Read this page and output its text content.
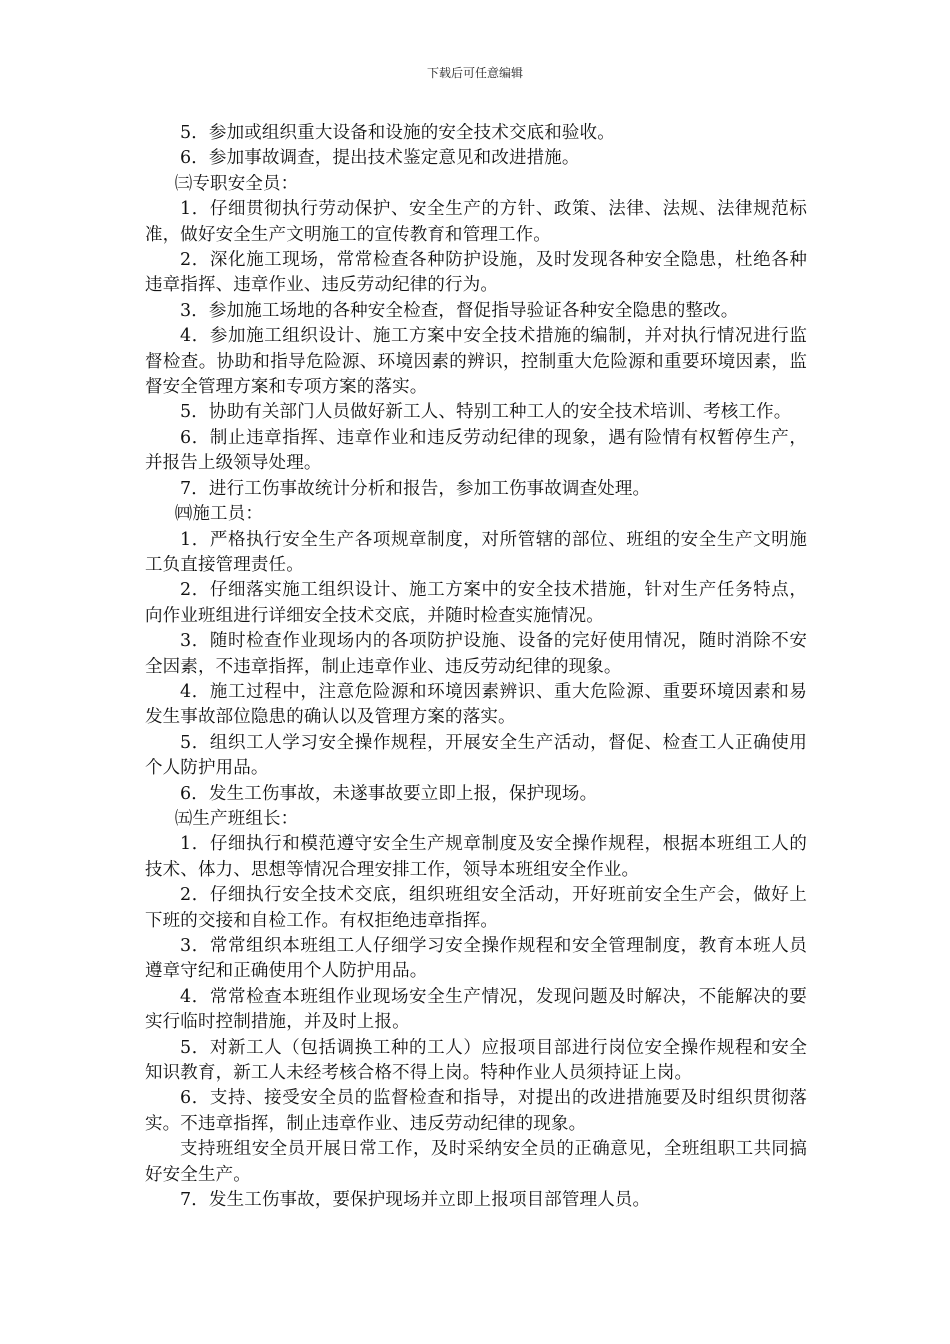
下载后可任意编辑

5．参加或组织重大设备和设施的安全技术交底和验收。

6．参加事故调查，提出技术鉴定意见和改进措施。

㈢专职安全员：

1．仔细贯彻执行劳动保护、安全生产的方针、政策、法律、法规、法律规范标准，做好安全生产文明施工的宣传教育和管理工作。

2．深化施工现场，常常检查各种防护设施，及时发现各种安全隐患，杜绝各种违章指挥、违章作业、违反劳动纪律的行为。

3．参加施工场地的各种安全检查，督促指导验证各种安全隐患的整改。

4．参加施工组织设计、施工方案中安全技术措施的编制，并对执行情况进行监督检查。协助和指导危险源、环境因素的辨识，控制重大危险源和重要环境因素，监督安全管理方案和专项方案的落实。

5．协助有关部门人员做好新工人、特别工种工人的安全技术培训、考核工作。

6．制止违章指挥、违章作业和违反劳动纪律的现象，遇有险情有权暂停生产，并报告上级领导处理。

7．进行工伤事故统计分析和报告，参加工伤事故调查处理。

㈣施工员：

1．严格执行安全生产各项规章制度，对所管辖的部位、班组的安全生产文明施工负直接管理责任。

2．仔细落实施工组织设计、施工方案中的安全技术措施，针对生产任务特点，向作业班组进行详细安全技术交底，并随时检查实施情况。

3．随时检查作业现场内的各项防护设施、设备的完好使用情况，随时消除不安全因素，不违章指挥，制止违章作业、违反劳动纪律的现象。

4．施工过程中，注意危险源和环境因素辨识、重大危险源、重要环境因素和易发生事故部位隐患的确认以及管理方案的落实。

5．组织工人学习安全操作规程，开展安全生产活动，督促、检查工人正确使用个人防护用品。

6．发生工伤事故，未遂事故要立即上报，保护现场。

㈤生产班组长：

1．仔细执行和模范遵守安全生产规章制度及安全操作规程，根据本班组工人的技术、体力、思想等情况合理安排工作，领导本班组安全作业。

2．仔细执行安全技术交底，组织班组安全活动，开好班前安全生产会，做好上下班的交接和自检工作。有权拒绝违章指挥。

3．常常组织本班组工人仔细学习安全操作规程和安全管理制度，教育本班人员遵章守纪和正确使用个人防护用品。

4．常常检查本班组作业现场安全生产情况，发现问题及时解决，不能解决的要实行临时控制措施，并及时上报。

5．对新工人（包括调换工种的工人）应报项目部进行岗位安全操作规程和安全知识教育，新工人未经考核合格不得上岗。特种作业人员须持证上岗。

6．支持、接受安全员的监督检查和指导，对提出的改进措施要及时组织贯彻落实。不违章指挥，制止违章作业、违反劳动纪律的现象。

支持班组安全员开展日常工作，及时采纳安全员的正确意见，全班组职工共同搞好安全生产。

7．发生工伤事故，要保护现场并立即上报项目部管理人员。
